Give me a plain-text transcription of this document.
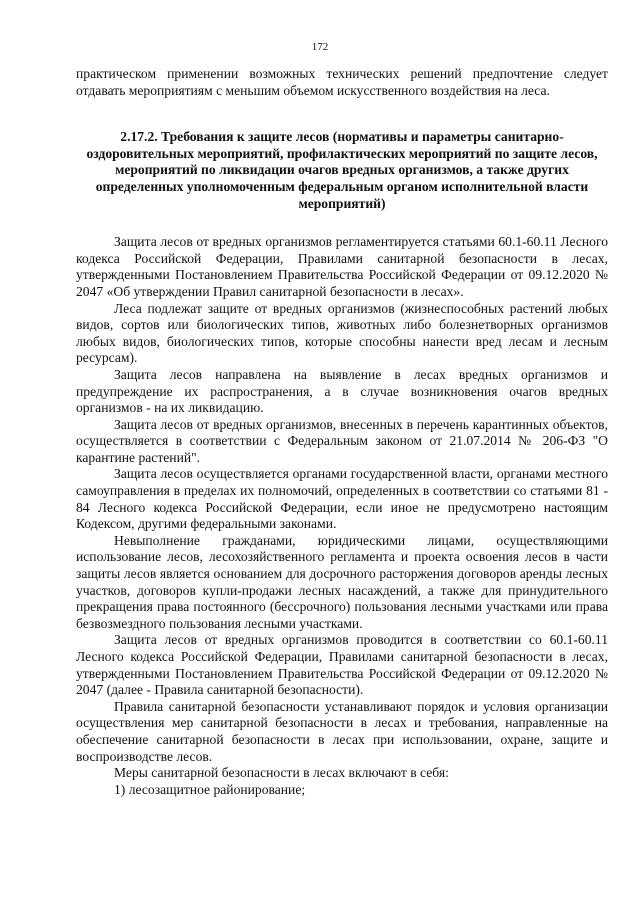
172

практическом применении возможных технических решений предпочтение следует отдавать мероприятиям с меньшим объемом искусственного воздействия на леса.

2.17.2. Требования к защите лесов (нормативы и параметры санитарно-оздоровительных мероприятий, профилактических мероприятий по защите лесов, мероприятий по ликвидации очагов вредных организмов, а также других определенных уполномоченным федеральным органом исполнительной власти мероприятий)

Защита лесов от вредных организмов регламентируется статьями 60.1-60.11 Лесного кодекса Российской Федерации, Правилами санитарной безопасности в лесах, утвержденными Постановлением Правительства Российской Федерации от 09.12.2020 № 2047 «Об утверждении Правил санитарной безопасности в лесах».

Леса подлежат защите от вредных организмов (жизнеспособных растений любых видов, сортов или биологических типов, животных либо болезнетворных организмов любых видов, биологических типов, которые способны нанести вред лесам и лесным ресурсам).

Защита лесов направлена на выявление в лесах вредных организмов и предупреждение их распространения, а в случае возникновения очагов вредных организмов - на их ликвидацию.

Защита лесов от вредных организмов, внесенных в перечень карантинных объектов, осуществляется в соответствии с Федеральным законом от 21.07.2014 № 206-ФЗ "О карантине растений".

Защита лесов осуществляется органами государственной власти, органами местного самоуправления в пределах их полномочий, определенных в соответствии со статьями 81 - 84 Лесного кодекса Российской Федерации, если иное не предусмотрено настоящим Кодексом, другими федеральными законами.

Невыполнение гражданами, юридическими лицами, осуществляющими использование лесов, лесохозяйственного регламента и проекта освоения лесов в части защиты лесов является основанием для досрочного расторжения договоров аренды лесных участков, договоров купли-продажи лесных насаждений, а также для принудительного прекращения права постоянного (бессрочного) пользования лесными участками или права безвозмездного пользования лесными участками.

Защита лесов от вредных организмов проводится в соответствии со 60.1-60.11 Лесного кодекса Российской Федерации, Правилами санитарной безопасности в лесах, утвержденными Постановлением Правительства Российской Федерации от 09.12.2020 № 2047 (далее - Правила санитарной безопасности).

Правила санитарной безопасности устанавливают порядок и условия организации осуществления мер санитарной безопасности в лесах и требования, направленные на обеспечение санитарной безопасности в лесах при использовании, охране, защите и воспроизводстве лесов.

Меры санитарной безопасности в лесах включают в себя:

1) лесозащитное районирование;
